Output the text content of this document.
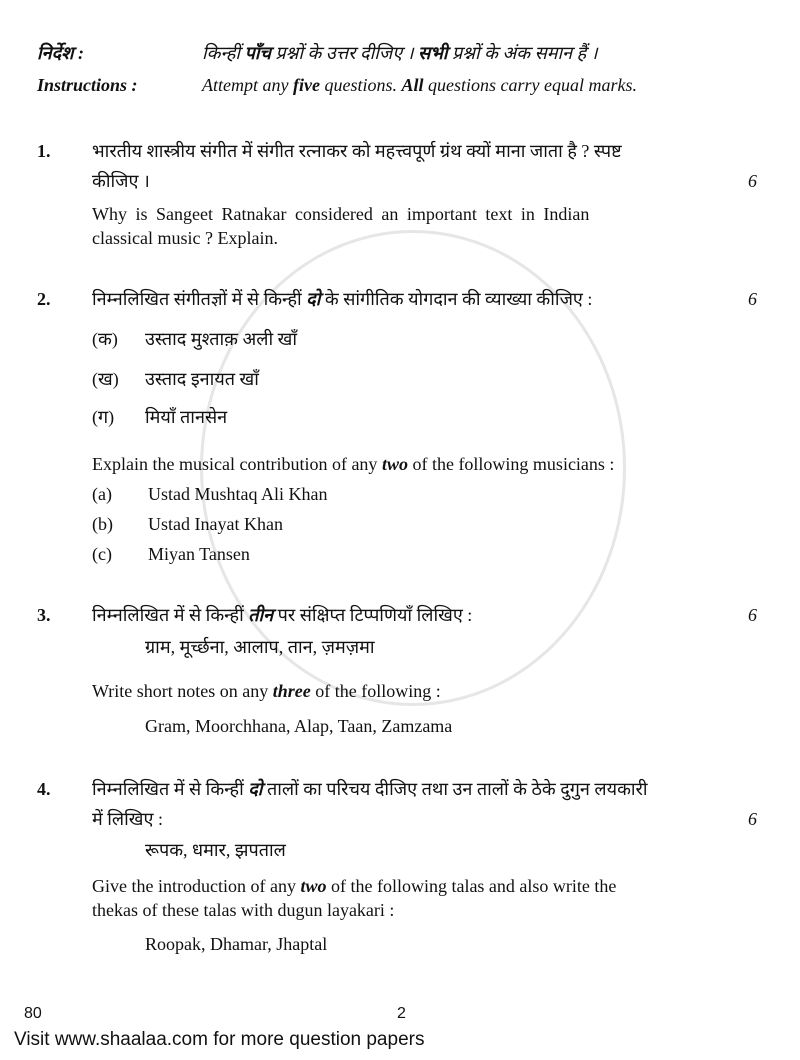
निर्देश :	किन्हीं पाँच प्रश्नों के उत्तर दीजिए । सभी प्रश्नों के अंक समान हैं ।
Instructions :	Attempt any five questions. All questions carry equal marks.
1. भारतीय शास्त्रीय संगीत में संगीत रत्नाकर को महत्त्वपूर्ण ग्रंथ क्यों माना जाता है ? स्पष्ट
कीजिए ।	6
Why is Sangeet Ratnakar considered an important text in Indian
classical music ? Explain.
2. निम्नलिखित संगीतज्ञों में से किन्हीं दो के सांगीतिक योगदान की व्याख्या कीजिए :	6
(क) उस्ताद मुश्ताक़ अली खाँ
(ख) उस्ताद इनायत खाँ
(ग) मियाँ तानसेन
Explain the musical contribution of any two of the following musicians :
(a) Ustad Mushtaq Ali Khan
(b) Ustad Inayat Khan
(c) Miyan Tansen
3. निम्नलिखित में से किन्हीं तीन पर संक्षिप्त टिप्पणियाँ लिखिए :	6
ग्राम, मूर्च्छना, आलाप, तान, ज़मज़मा
Write short notes on any three of the following :
Gram, Moorchhana, Alap, Taan, Zamzama
4. निम्नलिखित में से किन्हीं दो तालों का परिचय दीजिए तथा उन तालों के ठेके दुगुन लयकारी
में लिखिए :	6
रूपक, धमार, झपताल
Give the introduction of any two of the following talas and also write the
thekas of these talas with dugun layakari :
Roopak, Dhamar, Jhaptal
80	2
Visit www.shaalaa.com for more question papers
